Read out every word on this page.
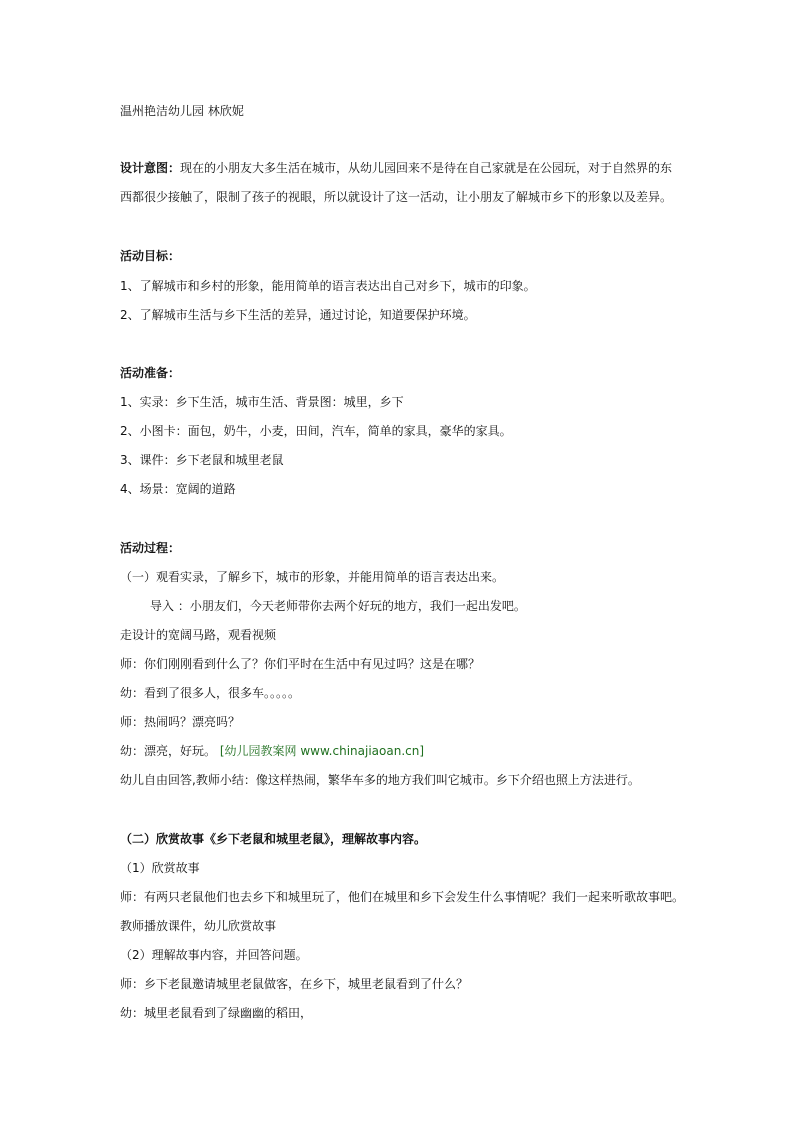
温州艳洁幼儿园 林欣妮
设计意图：现在的小朋友大多生活在城市，从幼儿园回来不是待在自己家就是在公园玩，对于自然界的东西都很少接触了，限制了孩子的视眼，所以就设计了这一活动，让小朋友了解城市乡下的形象以及差异。
活动目标：
1、了解城市和乡村的形象，能用简单的语言表达出自己对乡下，城市的印象。
2、了解城市生活与乡下生活的差异，通过讨论，知道要保护环境。
活动准备：
1、实录：乡下生活，城市生活、背景图：城里，乡下
2、小图卡：面包，奶牛，小麦，田间，汽车，简单的家具，豪华的家具。
3、课件：乡下老鼠和城里老鼠
4、场景：宽阔的道路
活动过程：
（一）观看实录，了解乡下，城市的形象，并能用简单的语言表达出来。
导入 ：小朋友们，今天老师带你去两个好玩的地方，我们一起出发吧。
走设计的宽阔马路，观看视频
师：你们刚刚看到什么了？你们平时在生活中有见过吗？这是在哪？
幼：看到了很多人，很多车。。。。。
师：热闹吗？漂亮吗？
幼：漂亮，好玩。 [幼儿园教案网 www.chinajiaoan.cn]
幼儿自由回答,教师小结：像这样热闹，繁华车多的地方我们叫它城市。乡下介绍也照上方法进行。
（二）欣赏故事《乡下老鼠和城里老鼠》，理解故事内容。
（1）欣赏故事
师：有两只老鼠他们也去乡下和城里玩了，他们在城里和乡下会发生什么事情呢？我们一起来听歌故事吧。
教师播放课件，幼儿欣赏故事
（2）理解故事内容，并回答问题。
师：乡下老鼠邀请城里老鼠做客，在乡下，城里老鼠看到了什么？
幼：城里老鼠看到了绿幽幽的稻田，
